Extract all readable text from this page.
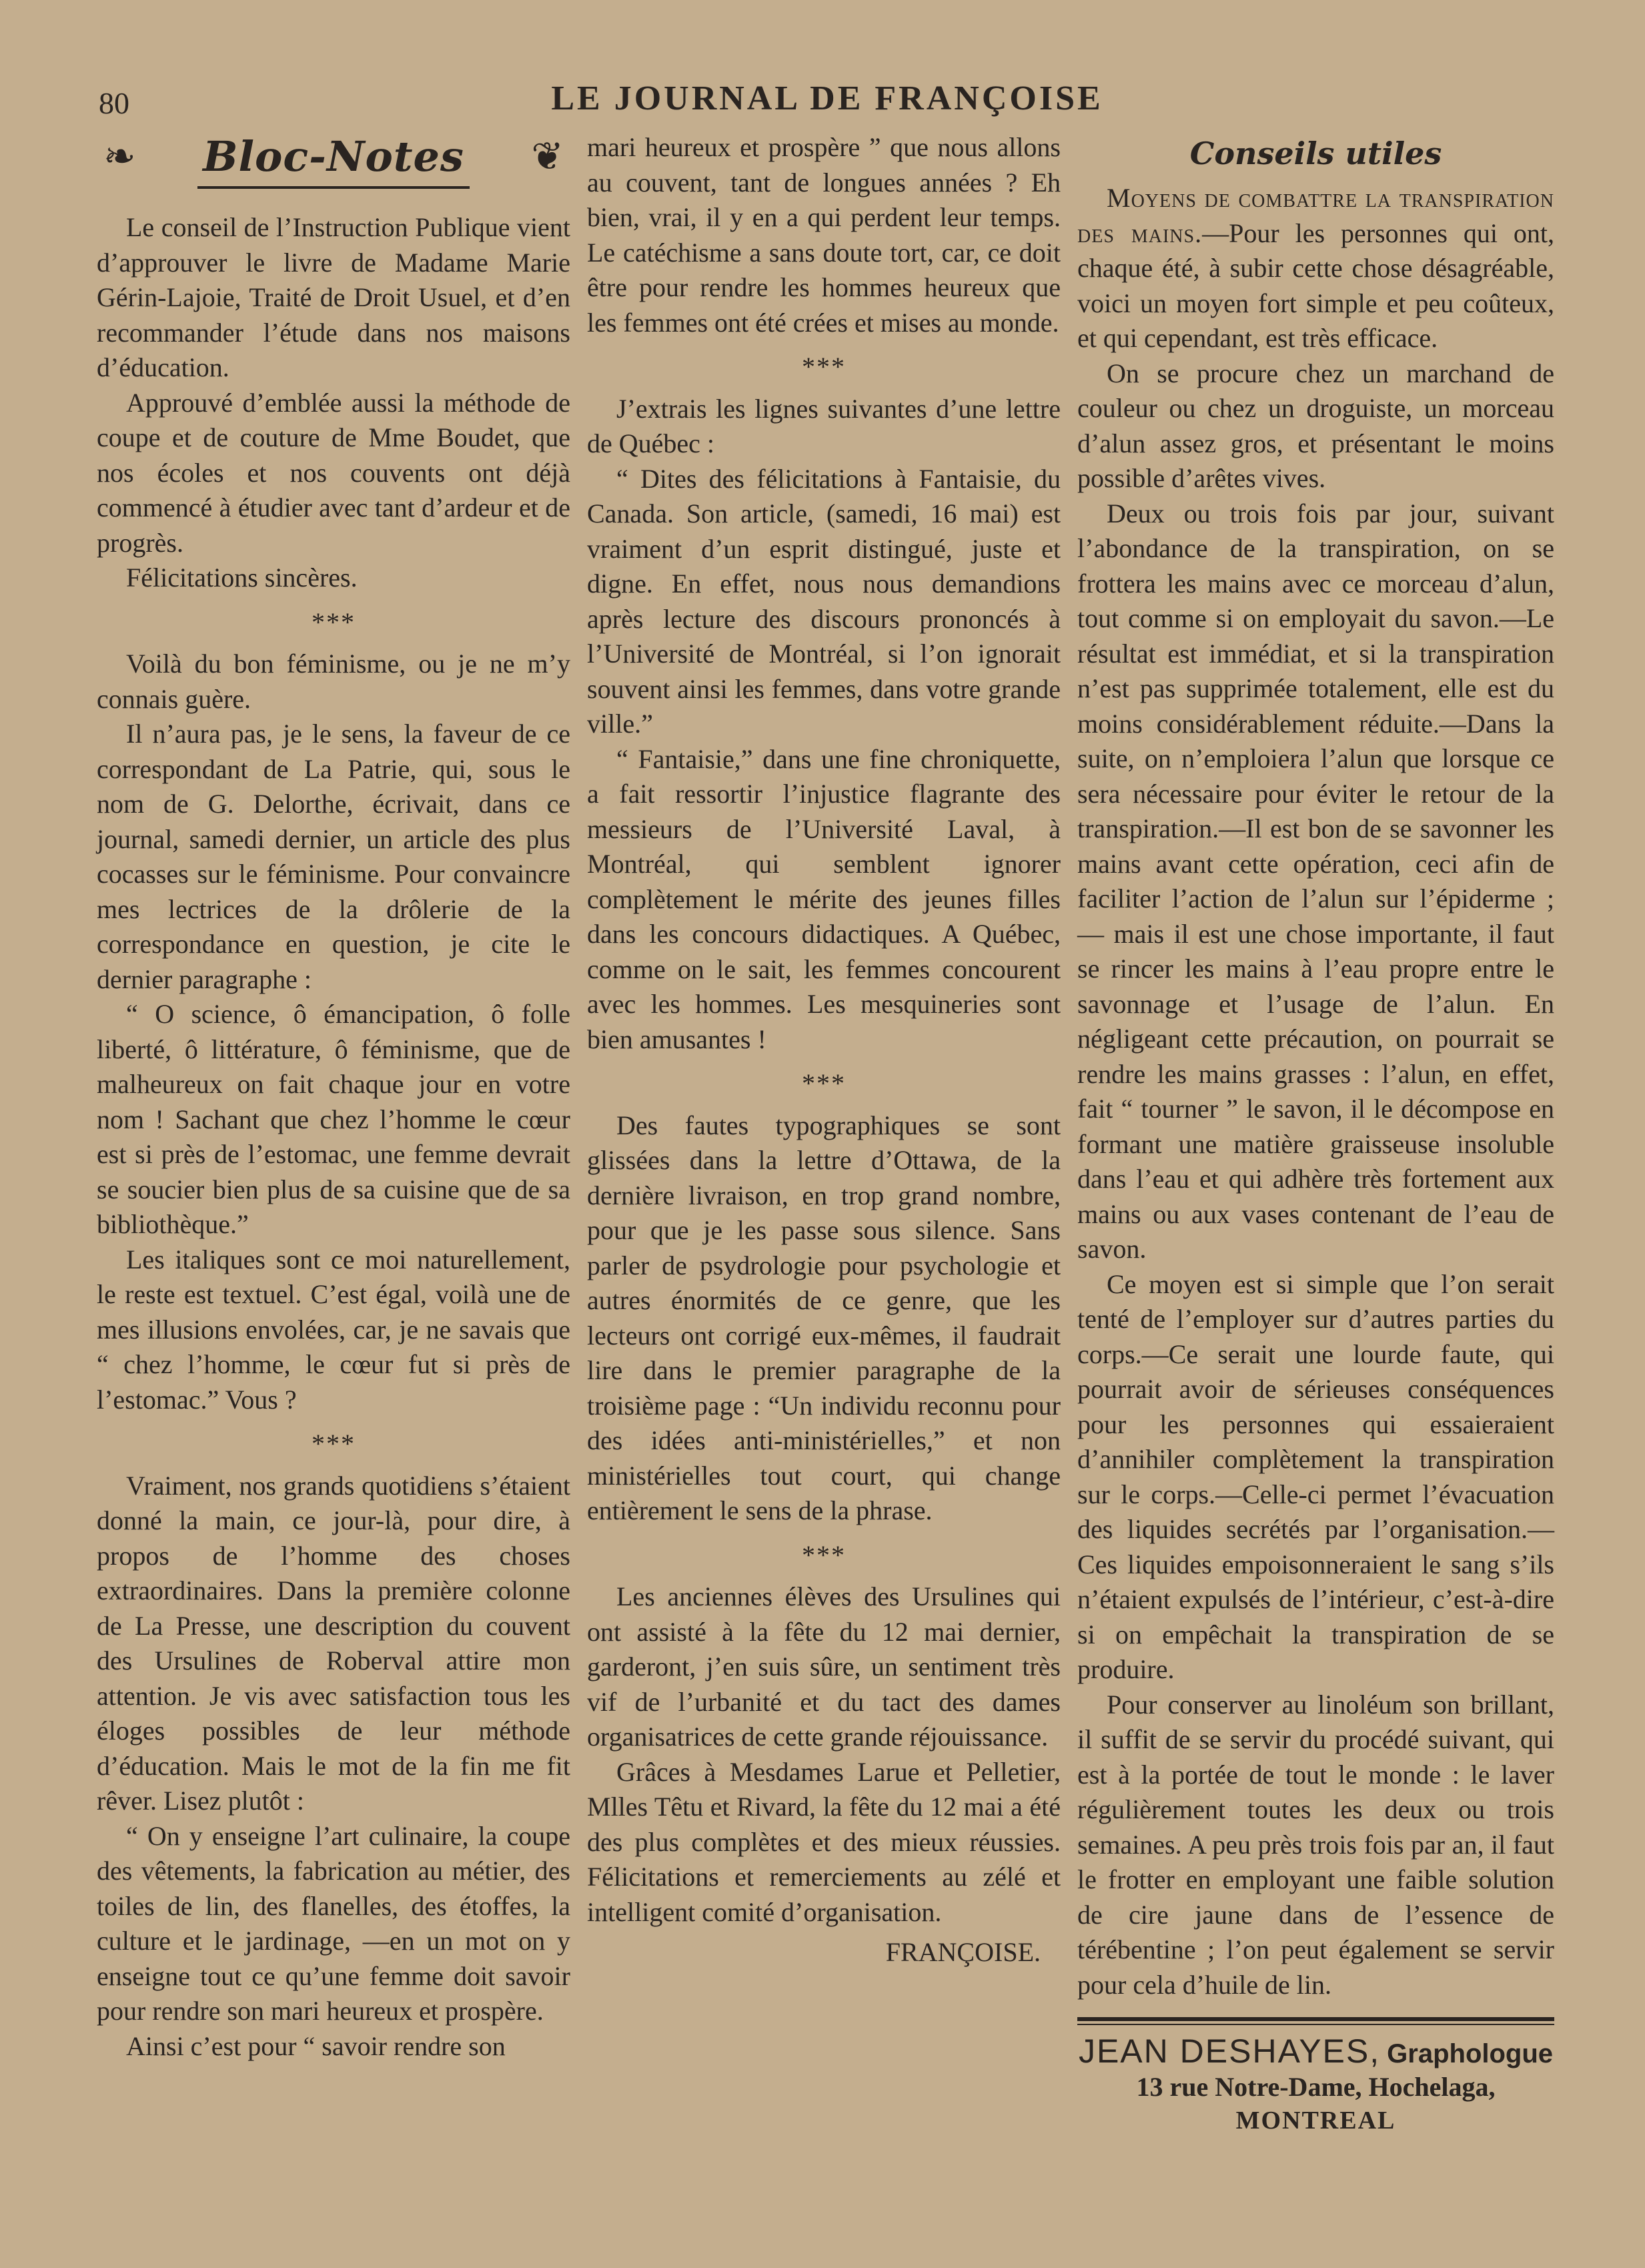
80	LE JOURNAL DE FRANÇOISE
❧ Bloc-Notes ❦

Le conseil de l’Instruction Publique vient d’approuver le livre de Madame Marie Gérin-Lajoie, Traité de Droit Usuel, et d’en recommander l’étude dans nos maisons d’éducation.

Approuvé d’emblée aussi la méthode de coupe et de couture de Mme Boudet, que nos écoles et nos couvents ont déjà commencé à étudier avec tant d’ardeur et de progrès.

Félicitations sincères.

***

Voilà du bon féminisme, ou je ne m’y connais guère.

Il n’aura pas, je le sens, la faveur de ce correspondant de La Patrie, qui, sous le nom de G. Delorthe, écrivait, dans ce journal, samedi dernier, un article des plus cocasses sur le féminisme. Pour convaincre mes lectrices de la drôlerie de la correspondance en question, je cite le dernier paragraphe :

“ O science, ô émancipation, ô folle liberté, ô littérature, ô féminisme, que de malheureux on fait chaque jour en votre nom ! Sachant que chez l’homme le cœur est si près de l’estomac, une femme devrait se soucier bien plus de sa cuisine que de sa bibliothèque.”

Les italiques sont ce moi naturellement, le reste est textuel. C’est égal, voilà une de mes illusions envolées, car, je ne savais que “ chez l’homme, le cœur fut si près de l’estomac.” Vous ?

***

Vraiment, nos grands quotidiens s’étaient donné la main, ce jour-là, pour dire, à propos de l’homme des choses extraordinaires. Dans la première colonne de La Presse, une description du couvent des Ursulines de Roberval attire mon attention. Je vis avec satisfaction tous les éloges possibles de leur méthode d’éducation. Mais le mot de la fin me fit rêver. Lisez plutôt :

“ On y enseigne l’art culinaire, la coupe des vêtements, la fabrication au métier, des toiles de lin, des flanelles, des étoffes, la culture et le jardinage, —en un mot on y enseigne tout ce qu’une femme doit savoir pour rendre son mari heureux et prospère.

Ainsi c’est pour “ savoir rendre son

mari heureux et prospère ” que nous allons au couvent, tant de longues années ? Eh bien, vrai, il y en a qui perdent leur temps. Le catéchisme a sans doute tort, car, ce doit être pour rendre les hommes heureux que les femmes ont été crées et mises au monde.

***

J’extrais les lignes suivantes d’une lettre de Québec :

“ Dites des félicitations à Fantaisie, du Canada. Son article, (samedi, 16 mai) est vraiment d’un esprit distingué, juste et digne. En effet, nous nous demandions après lecture des discours prononcés à l’Université de Montréal, si l’on ignorait souvent ainsi les femmes, dans votre grande ville.”

“ Fantaisie,” dans une fine chroniquette, a fait ressortir l’injustice flagrante des messieurs de l’Université Laval, à Montréal, qui semblent ignorer complètement le mérite des jeunes filles dans les concours didactiques. A Québec, comme on le sait, les femmes concourent avec les hommes. Les mesquineries sont bien amusantes !

***

Des fautes typographiques se sont glissées dans la lettre d’Ottawa, de la dernière livraison, en trop grand nombre, pour que je les passe sous silence. Sans parler de psydrologie pour psychologie et autres énormités de ce genre, que les lecteurs ont corrigé eux-mêmes, il faudrait lire dans le premier paragraphe de la troisième page : “Un individu reconnu pour des idées anti-ministérielles,” et non ministérielles tout court, qui change entièrement le sens de la phrase.

***

Les anciennes élèves des Ursulines qui ont assisté à la fête du 12 mai dernier, garderont, j’en suis sûre, un sentiment très vif de l’urbanité et du tact des dames organisatrices de cette grande réjouissance.

Grâces à Mesdames Larue et Pelletier, Mlles Têtu et Rivard, la fête du 12 mai a été des plus complètes et des mieux réussies. Félicitations et remerciements au zélé et intelligent comité d’organisation.

FRANÇOISE.
Conseils utiles

Moyens de combattre la transpiration des mains.—Pour les personnes qui ont, chaque été, à subir cette chose désagréable, voici un moyen fort simple et peu coûteux, et qui cependant, est très efficace.

On se procure chez un marchand de couleur ou chez un droguiste, un morceau d’alun assez gros, et présentant le moins possible d’arêtes vives.

Deux ou trois fois par jour, suivant l’abondance de la transpiration, on se frottera les mains avec ce morceau d’alun, tout comme si on employait du savon.—Le résultat est immédiat, et si la transpiration n’est pas supprimée totalement, elle est du moins considérablement réduite.—Dans la suite, on n’emploiera l’alun que lorsque ce sera nécessaire pour éviter le retour de la transpiration.—Il est bon de se savonner les mains avant cette opération, ceci afin de faciliter l’action de l’alun sur l’épiderme ; — mais il est une chose importante, il faut se rincer les mains à l’eau propre entre le savonnage et l’usage de l’alun. En négligeant cette précaution, on pourrait se rendre les mains grasses : l’alun, en effet, fait “ tourner ” le savon, il le décompose en formant une matière graisseuse insoluble dans l’eau et qui adhère très fortement aux mains ou aux vases contenant de l’eau de savon.

Ce moyen est si simple que l’on serait tenté de l’employer sur d’autres parties du corps.—Ce serait une lourde faute, qui pourrait avoir de sérieuses conséquences pour les personnes qui essaieraient d’annihiler complètement la transpiration sur le corps.—Celle-ci permet l’évacuation des liquides secrétés par l’organisation.—Ces liquides empoisonneraient le sang s’ils n’étaient expulsés de l’intérieur, c’est-à-dire si on empêchait la transpiration de se produire.

Pour conserver au linoléum son brillant, il suffit de se servir du procédé suivant, qui est à la portée de tout le monde : le laver régulièrement toutes les deux ou trois semaines. A peu près trois fois par an, il faut le frotter en employant une faible solution de cire jaune dans de l’essence de térébentine ; l’on peut également se servir pour cela d’huile de lin.

JEAN DESHAYES, Graphologue
13 rue Notre-Dame, Hochelaga,
MONTREAL
